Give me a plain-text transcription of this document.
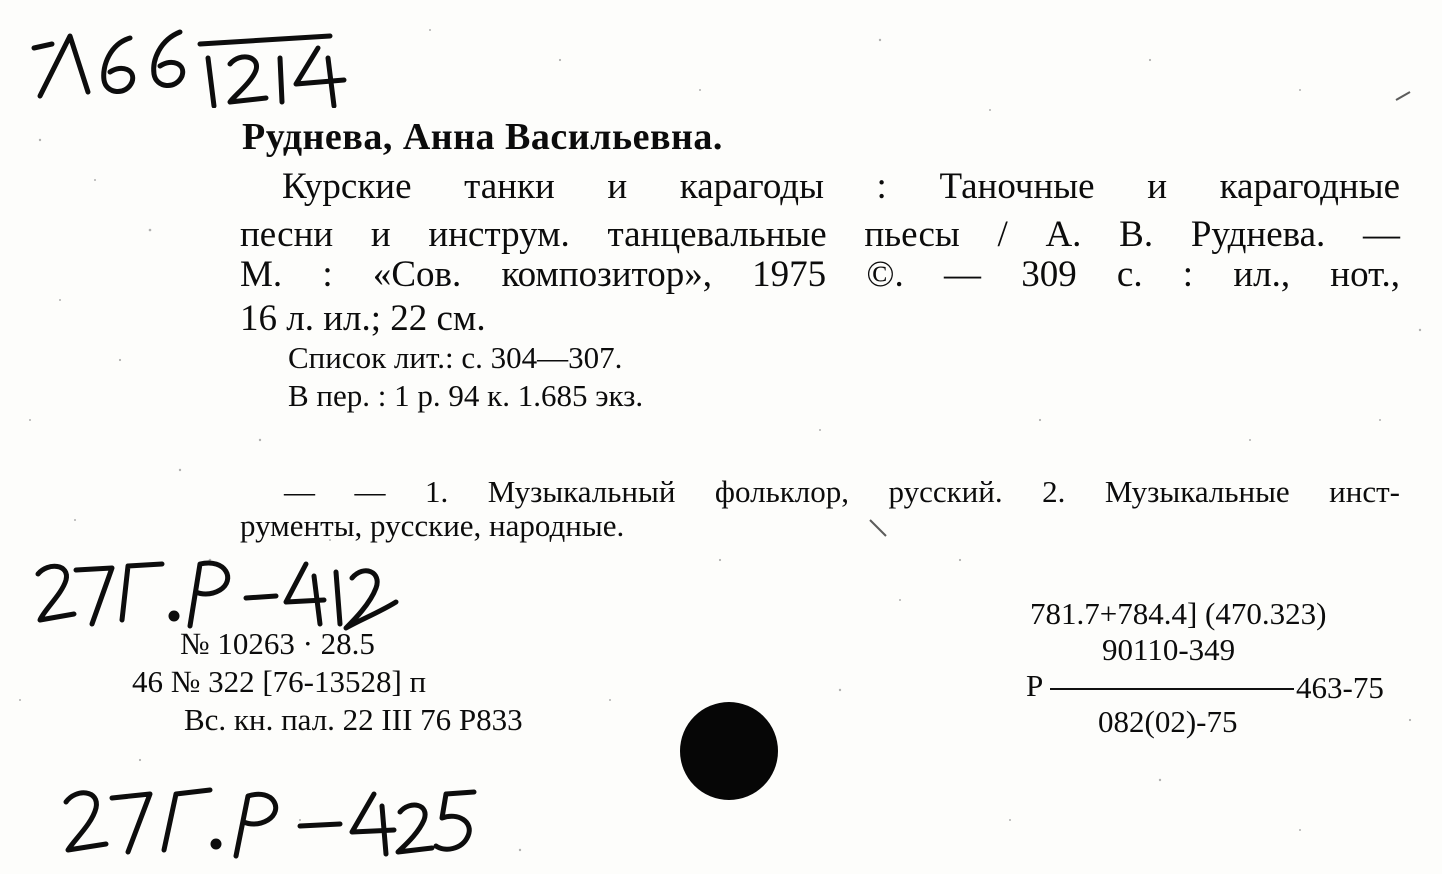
Руднева, Анна Васильевна.
Курские танки и карагоды : Таночные и карагодные
песни и инструм. танцевальные пьесы / А. В. Руднева. —
М. : «Сов. композитор», 1975 ©. — 309 с. : ил., нот.,
16 л. ил.; 22 см.
Список лит.: с. 304—307.
В пер. : 1 р. 94 к. 1.685 экз.
— — 1. Музыкальный фольклор, русский. 2. Музыкальные инст-
рументы, русские, народные.
№ 10263 · 28.5
46 № 322 [76-13528] п
Вс. кн. пал. 22 III 76 Р833
781.7+784.4] (470.323)
90110-349
Р	463-75
082(02)-75
